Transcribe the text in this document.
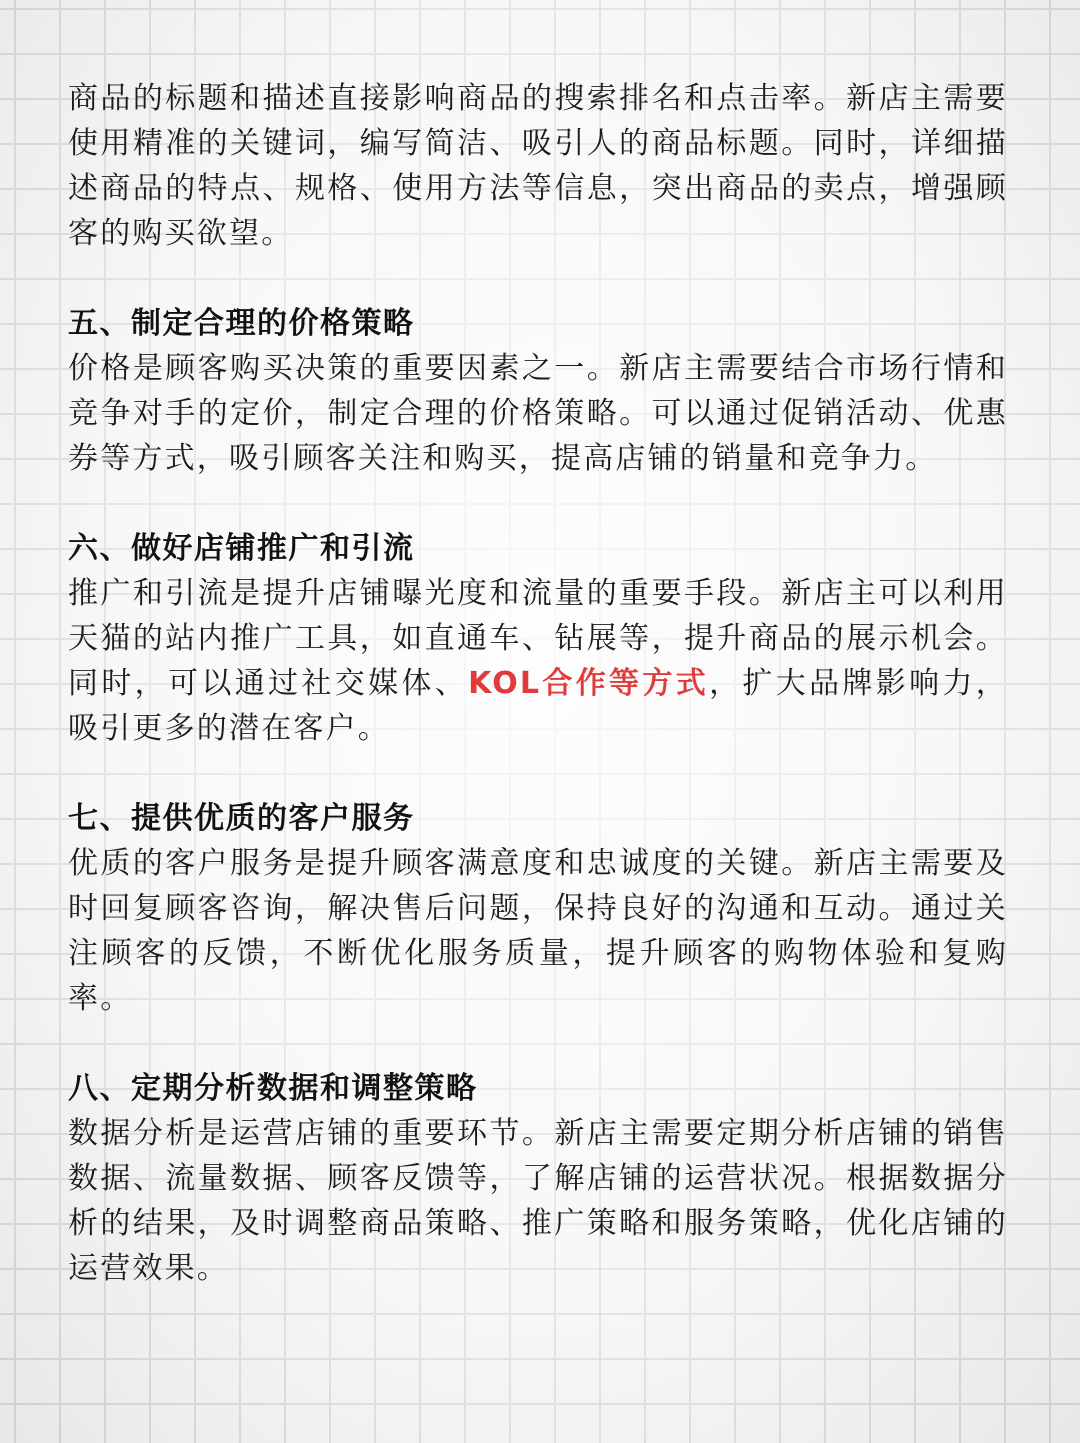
商品的标题和描述直接影响商品的搜索排名和点击率。新店主需要使用精准的关键词，编写简洁、吸引人的商品标题。同时，详细描述商品的特点、规格、使用方法等信息，突出商品的卖点，增强顾客的购买欲望。

五、制定合理的价格策略

价格是顾客购买决策的重要因素之一。新店主需要结合市场行情和竞争对手的定价，制定合理的价格策略。可以通过促销活动、优惠券等方式，吸引顾客关注和购买，提高店铺的销量和竞争力。

六、做好店铺推广和引流

推广和引流是提升店铺曝光度和流量的重要手段。新店主可以利用天猫的站内推广工具，如直通车、钻展等，提升商品的展示机会。同时，可以通过社交媒体、KOL合作等方式，扩大品牌影响力，吸引更多的潜在客户。

七、提供优质的客户服务

优质的客户服务是提升顾客满意度和忠诚度的关键。新店主需要及时回复顾客咨询，解决售后问题，保持良好的沟通和互动。通过关注顾客的反馈，不断优化服务质量，提升顾客的购物体验和复购率。

八、定期分析数据和调整策略

数据分析是运营店铺的重要环节。新店主需要定期分析店铺的销售数据、流量数据、顾客反馈等，了解店铺的运营状况。根据数据分析的结果，及时调整商品策略、推广策略和服务策略，优化店铺的运营效果。
